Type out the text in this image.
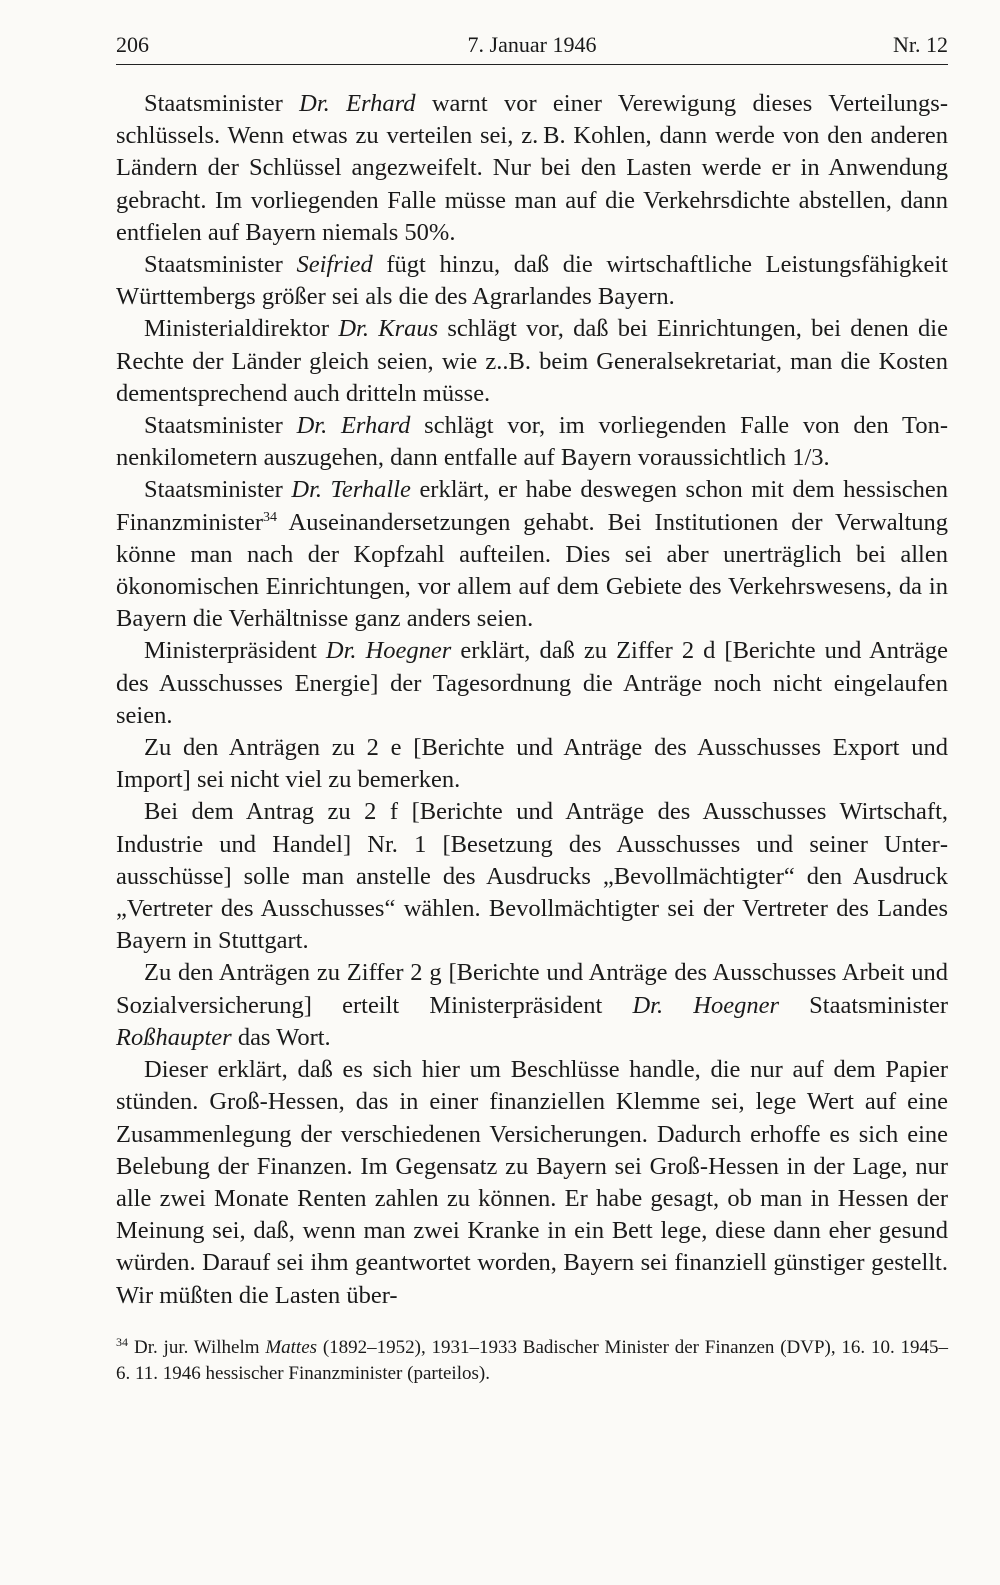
206	7. Januar 1946	Nr. 12

Staatsminister Dr. Erhard warnt vor einer Verewigung dieses Verteilungsschlüssels. Wenn etwas zu verteilen sei, z. B. Kohlen, dann werde von den anderen Ländern der Schlüssel angezweifelt. Nur bei den Lasten werde er in Anwendung gebracht. Im vorliegenden Falle müsse man auf die Verkehrsdichte abstellen, dann entfielen auf Bayern niemals 50%.

Staatsminister Seifried fügt hinzu, daß die wirtschaftliche Leistungsfähigkeit Württembergs größer sei als die des Agrarlandes Bayern.

Ministerialdirektor Dr. Kraus schlägt vor, daß bei Einrichtungen, bei denen die Rechte der Länder gleich seien, wie z..B. beim Generalsekretariat, man die Kosten dementsprechend auch dritteln müsse.

Staatsminister Dr. Erhard schlägt vor, im vorliegenden Falle von den Tonnenkilometern auszugehen, dann entfalle auf Bayern voraussichtlich 1/3.

Staatsminister Dr. Terhalle erklärt, er habe deswegen schon mit dem hessischen Finanzminister$^{34}$ Auseinandersetzungen gehabt. Bei Institutionen der Verwaltung könne man nach der Kopfzahl aufteilen. Dies sei aber unerträglich bei allen ökonomischen Einrichtungen, vor allem auf dem Gebiete des Verkehrswesens, da in Bayern die Verhältnisse ganz anders seien.

Ministerpräsident Dr. Hoegner erklärt, daß zu Ziffer 2 d [Berichte und Anträge des Ausschusses Energie] der Tagesordnung die Anträge noch nicht eingelaufen seien.

Zu den Anträgen zu 2 e [Berichte und Anträge des Ausschusses Export und Import] sei nicht viel zu bemerken.

Bei dem Antrag zu 2 f [Berichte und Anträge des Ausschusses Wirtschaft, Industrie und Handel] Nr. 1 [Besetzung des Ausschusses und seiner Unterausschüsse] solle man anstelle des Ausdrucks „Bevollmächtigter“ den Ausdruck „Vertreter des Ausschusses“ wählen. Bevollmächtigter sei der Vertreter des Landes Bayern in Stuttgart.

Zu den Anträgen zu Ziffer 2 g [Berichte und Anträge des Ausschusses Arbeit und Sozialversicherung] erteilt Ministerpräsident Dr. Hoegner Staatsminister Roßhaupter das Wort.

Dieser erklärt, daß es sich hier um Beschlüsse handle, die nur auf dem Papier stünden. Groß-Hessen, das in einer finanziellen Klemme sei, lege Wert auf eine Zusammenlegung der verschiedenen Versicherungen. Dadurch erhoffe es sich eine Belebung der Finanzen. Im Gegensatz zu Bayern sei Groß-Hessen in der Lage, nur alle zwei Monate Renten zahlen zu können. Er habe gesagt, ob man in Hessen der Meinung sei, daß, wenn man zwei Kranke in ein Bett lege, diese dann eher gesund würden. Darauf sei ihm geantwortet worden, Bayern sei finanziell günstiger gestellt. Wir müßten die Lasten über-

$^{34}$ Dr. jur. Wilhelm Mattes (1892–1952), 1931–1933 Badischer Minister der Finanzen (DVP), 16. 10. 1945–6. 11. 1946 hessischer Finanzminister (parteilos).
